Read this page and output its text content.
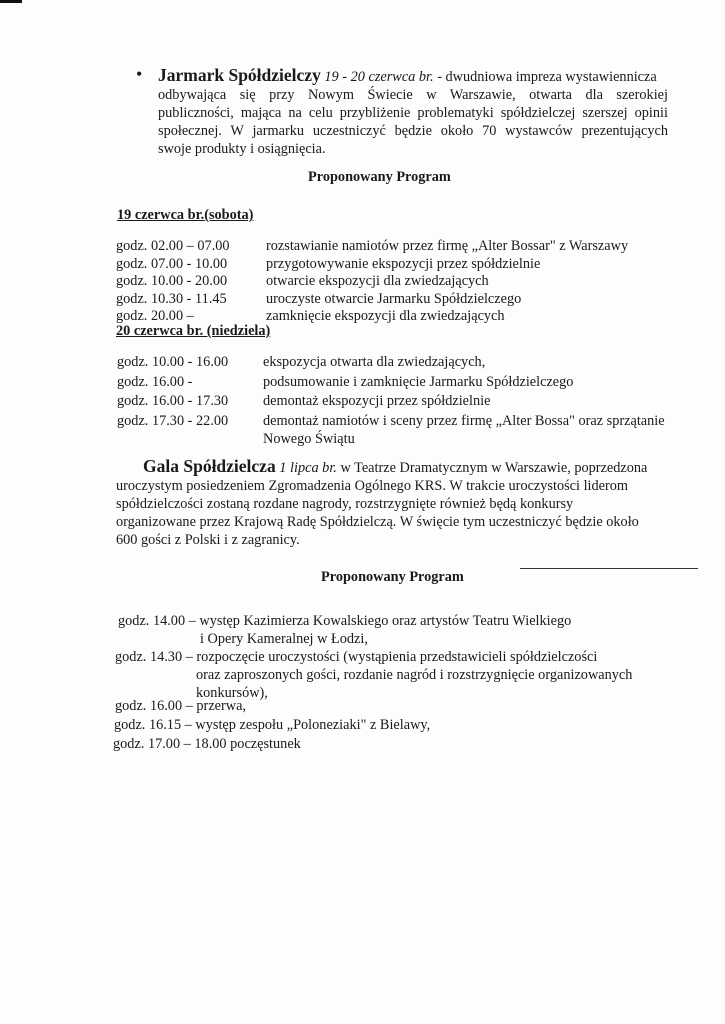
• Jarmark Spółdzielczy 19 - 20 czerwca br. - dwudniowa impreza wystawiennicza
odbywająca się przy Nowym Świecie w Warszawie, otwarta dla szerokiej
publiczności, mająca na celu przybliżenie problematyki spółdzielczej szerszej opinii
społecznej. W jarmarku uczestniczyć będzie około 70 wystawców prezentujących
swoje produkty i osiągnięcia.
Proponowany Program
19 czerwca br.(sobota)
godz. 02.00 – 07.00	rozstawianie namiotów przez firmę „Alter Bossar" z Warszawy
godz. 07.00 - 10.00	przygotowywanie ekspozycji przez spółdzielnie
godz. 10.00 - 20.00	otwarcie ekspozycji dla zwiedzających
godz. 10.30 - 11.45	uroczyste otwarcie Jarmarku Spółdzielczego
godz. 20.00 –	zamknięcie ekspozycji dla zwiedzających
20 czerwca br. (niedziela)
godz. 10.00 - 16.00 ekspozycja otwarta dla zwiedzających,
godz. 16.00 -	podsumowanie i zamknięcie Jarmarku Spółdzielczego
godz. 16.00 - 17.30 demontaż ekspozycji przez spółdzielnie
godz. 17.30 - 22.00 demontaż namiotów i sceny przez firmę „Alter Bossa" oraz sprzątanie
Nowego Świątu
Gala Spółdzielcza 1 lipca br. w Teatrze Dramatycznym w Warszawie, poprzedzona
uroczystym posiedzeniem Zgromadzenia Ogólnego KRS. W trakcie uroczystości liderom
spółdzielczości zostaną rozdane nagrody, rozstrzygnięte również będą konkursy
organizowane przez Krajową Radę Spółdzielczą. W święcie tym uczestniczyć będzie około
600 gości z Polski i z zagranicy.
Proponowany Program
godz. 14.00 – występ Kazimierza Kowalskiego oraz artystów Teatru Wielkiego
i Opery Kameralnej w Łodzi,
godz. 14.30 – rozpoczęcie uroczystości (wystąpienia przedstawicieli spółdzielczości
oraz zaproszonych gości, rozdanie nagród i rozstrzygnięcie organizowanych
konkursów),
godz. 16.00 – przerwa,
godz. 16.15 – występ zespołu „Poloneziaki" z Bielawy,
godz. 17.00 – 18.00 poczęstunek
